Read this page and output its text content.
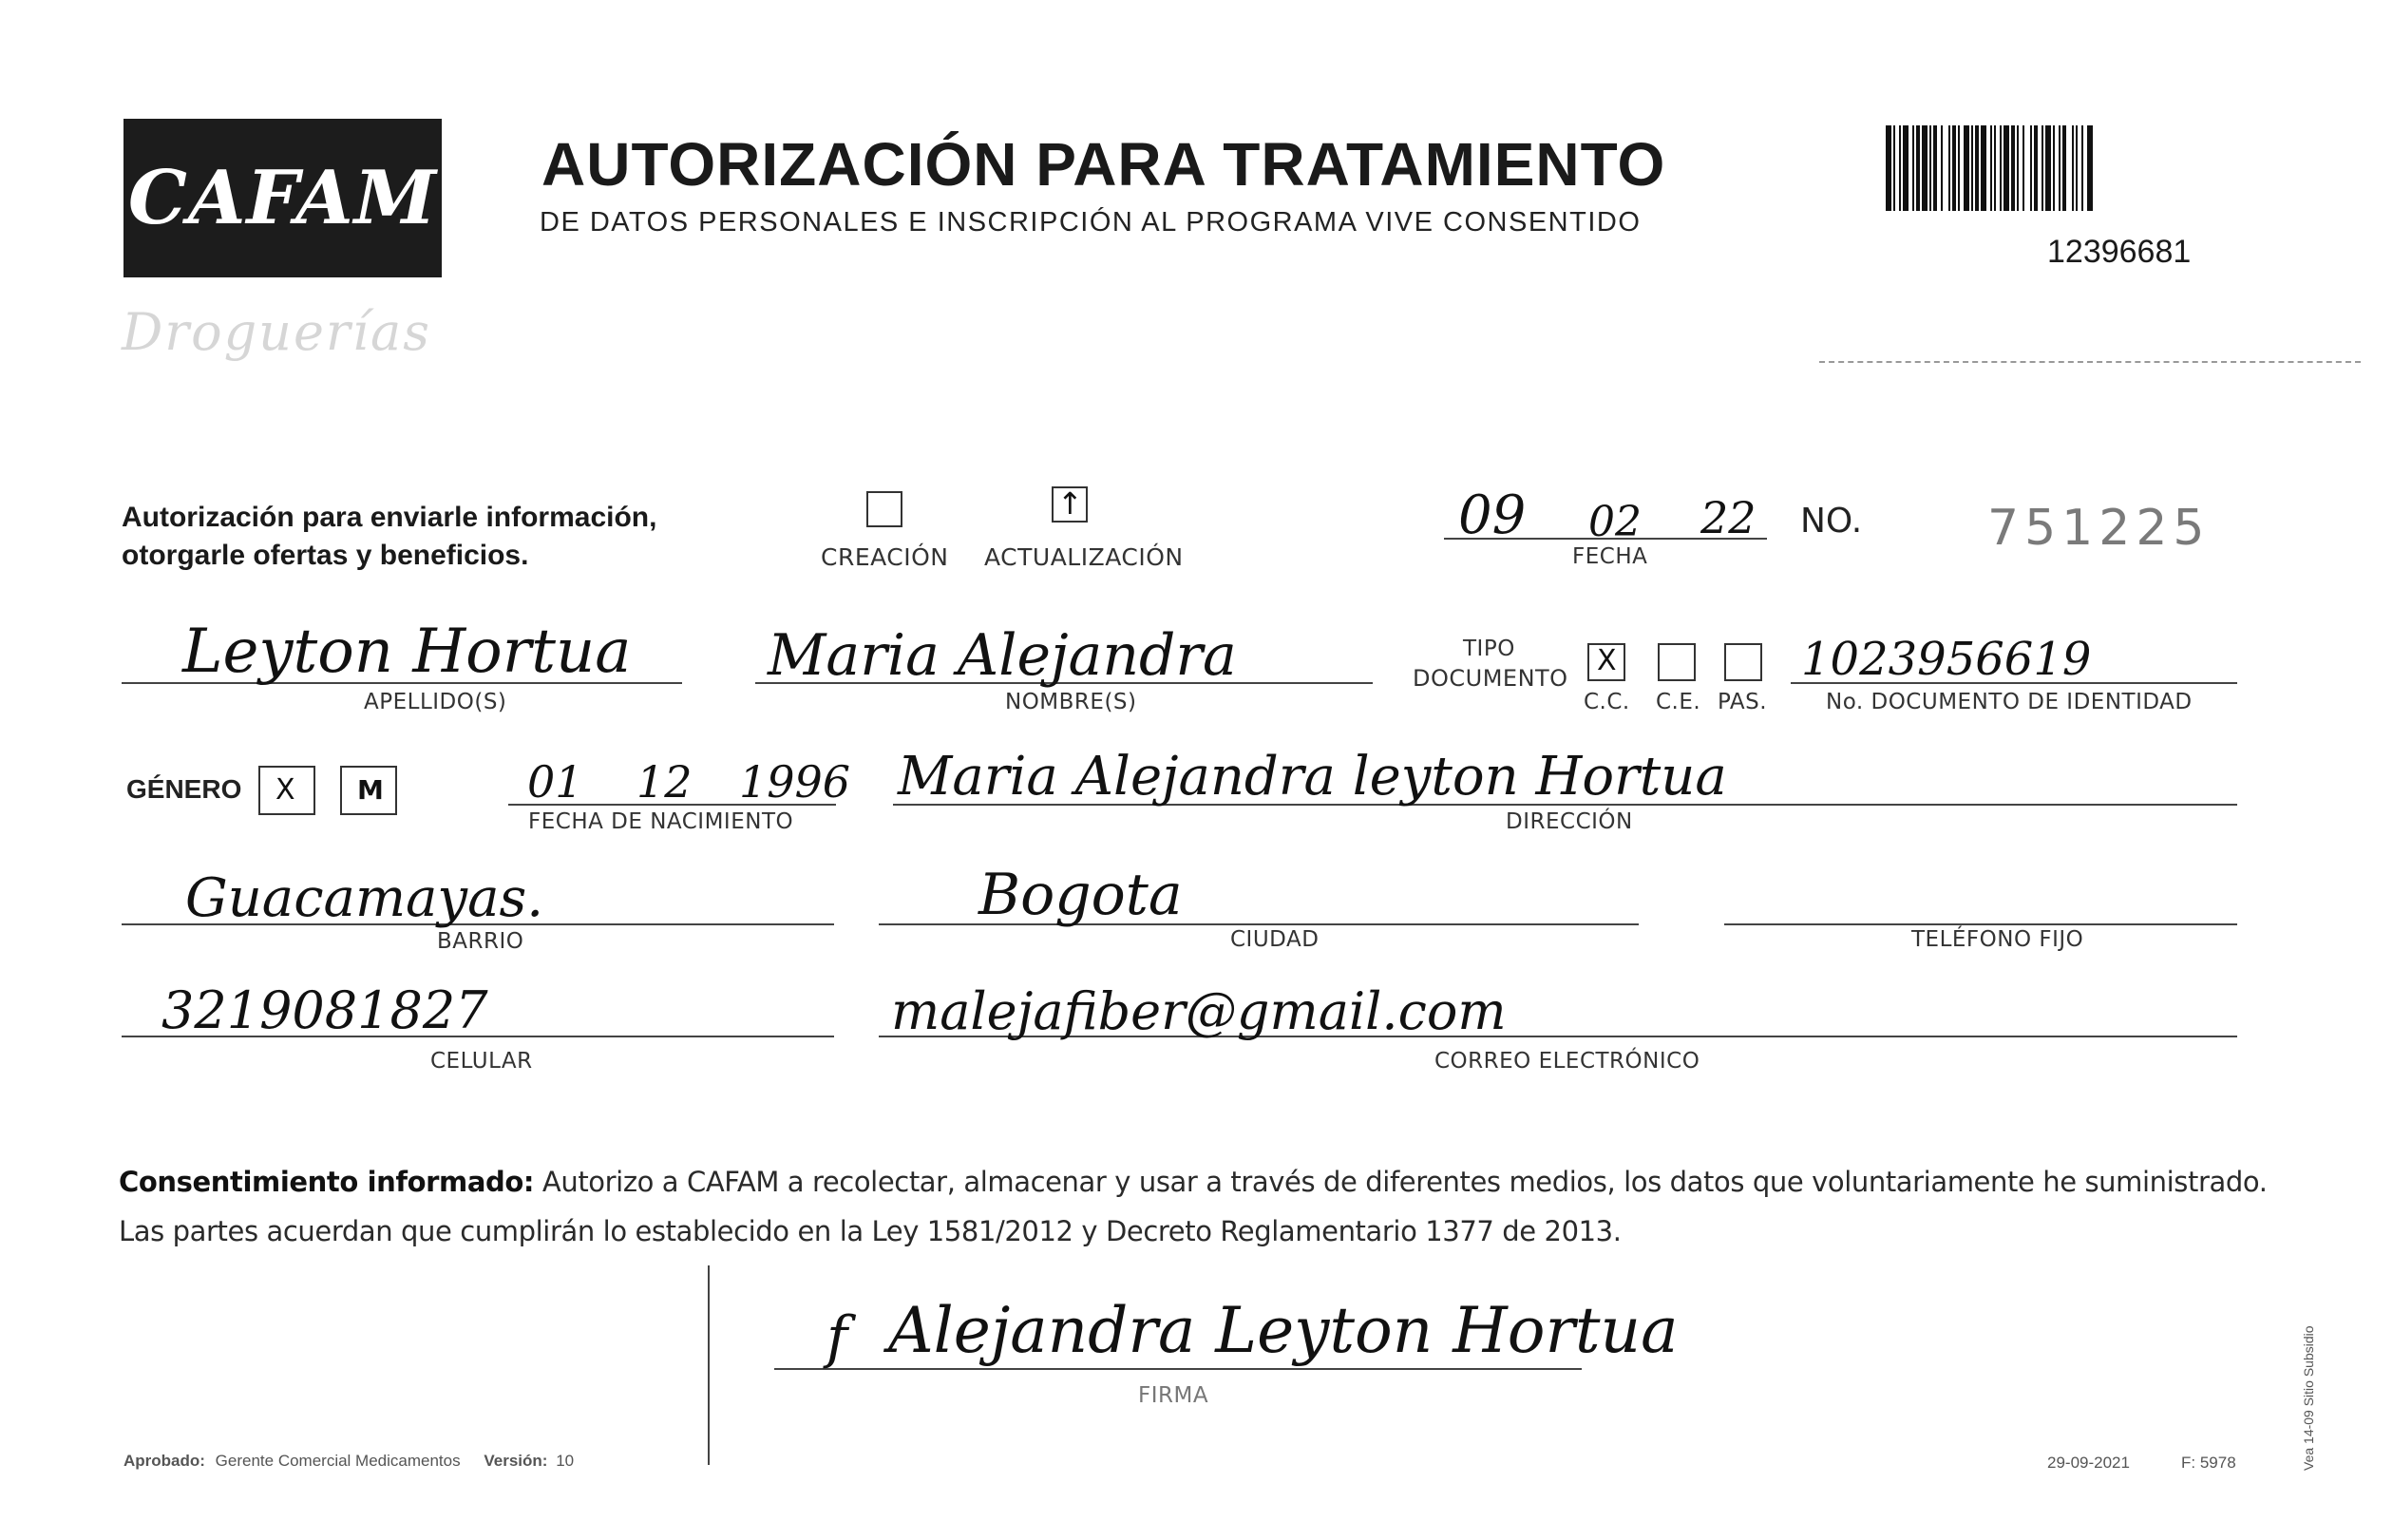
CAFAM
Droguerías
AUTORIZACIÓN PARA TRATAMIENTO
DE DATOS PERSONALES E INSCRIPCIÓN AL PROGRAMA VIVE CONSENTIDO
12396681
Autorización para enviarle información,
otorgarle ofertas y beneficios.	CREACIÓN
↑
ACTUALIZACIÓN
09 02 22
FECHA
NO.	751225
Leyton Hortua
APELLIDO(S)
Maria Alejandra
NOMBRE(S)
TIPO
DOCUMENTO
X
C.C. C.E. PAS.
1023956619
No. DOCUMENTO DE IDENTIDAD
GÉNERO X M	01 12 1996
FECHA DE NACIMIENTO
Maria Alejandra leyton Hortua
DIRECCIÓN
Guacamayas.
BARRIO
Bogota
CIUDAD	TELÉFONO FIJO
3219081827
CELULAR
malejafiber@gmail.com
CORREO ELECTRÓNICO
Consentimiento informado: Autorizo a CAFAM a recolectar, almacenar y usar a través de diferentes medios, los datos que voluntariamente he suministrado.
Las partes acuerdan que cumplirán lo establecido en la Ley 1581/2012 y Decreto Reglamentario 1377 de 2013.
f Alejandra Leyton Hortua
FIRMA
Aprobado: Gerente Comercial Medicamentos Versión: 10	29-09-2021	F: 5978	Vea 14-09 Sitio Subsidio
